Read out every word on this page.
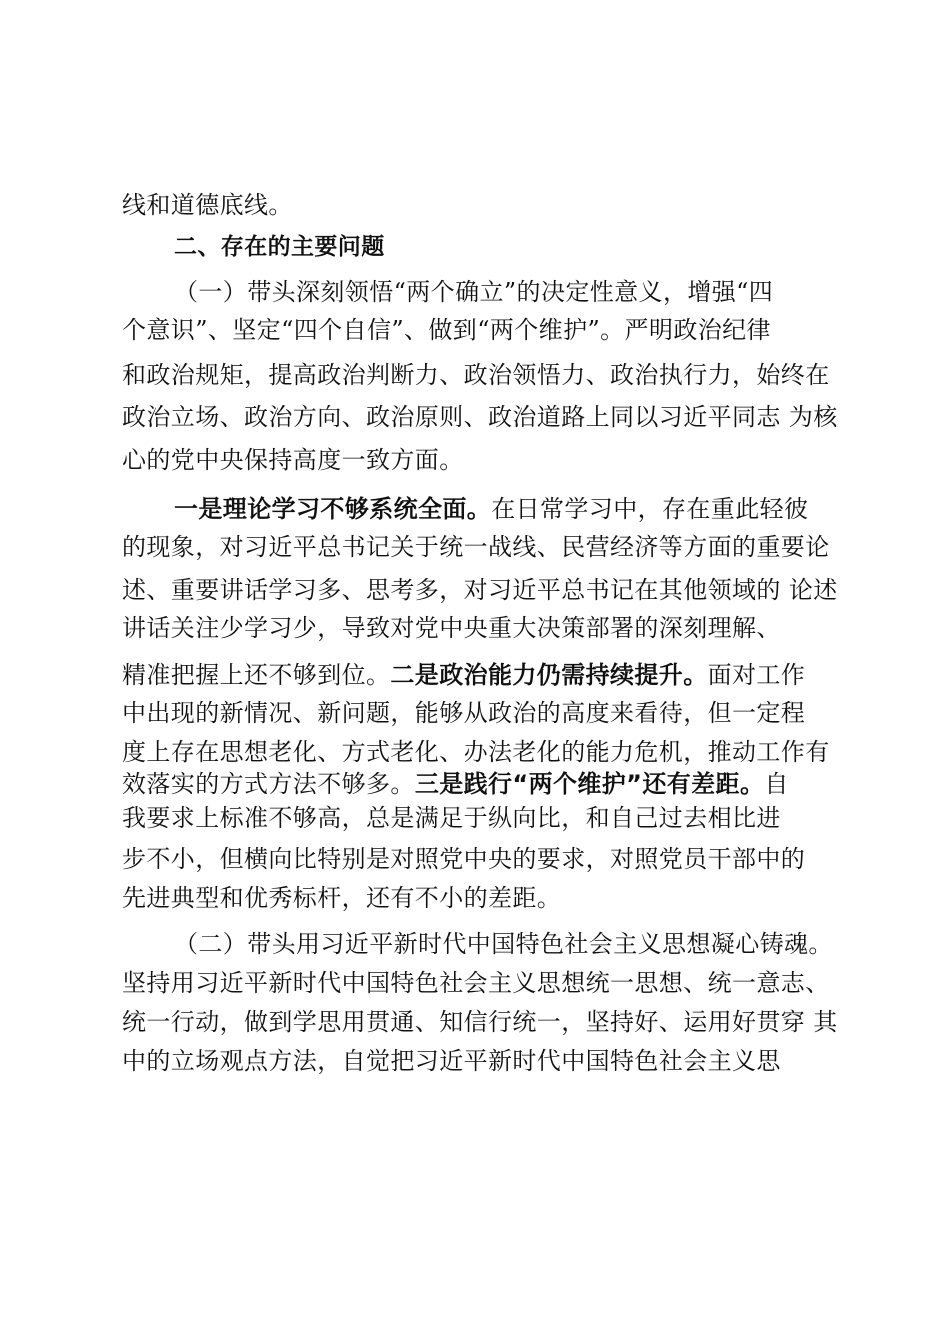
线和道德底线。
二、存在的主要问题
（一）带头深刻领悟“两个确立”的决定性意义，增强“四
个意识”、坚定“四个自信”、做到“两个维护”。严明政治纪律
和政治规矩，提高政治判断力、政治领悟力、政治执行力，始终在
政治立场、政治方向、政治原则、政治道路上同以习近平同志 为核
心的党中央保持高度一致方面。
一是理论学习不够系统全面。在日常学习中，存在重此轻彼
的现象，对习近平总书记关于统一战线、民营经济等方面的重要论
述、重要讲话学习多、思考多，对习近平总书记在其他领域的 论述
讲话关注少学习少，导致对党中央重大决策部署的深刻理解、
精准把握上还不够到位。二是政治能力仍需持续提升。面对工作
中出现的新情况、新问题，能够从政治的高度来看待，但一定程
度上存在思想老化、方式老化、办法老化的能力危机，推动工作有
效落实的方式方法不够多。三是践行“两个维护”还有差距。自
我要求上标准不够高，总是满足于纵向比，和自己过去相比进
步不小，但横向比特别是对照党中央的要求，对照党员干部中的
先进典型和优秀标杆，还有不小的差距。
（二）带头用习近平新时代中国特色社会主义思想凝心铸魂。
坚持用习近平新时代中国特色社会主义思想统一思想、统一意志、
统一行动，做到学思用贯通、知信行统一，坚持好、运用好贯穿 其
中的立场观点方法，自觉把习近平新时代中国特色社会主义思
